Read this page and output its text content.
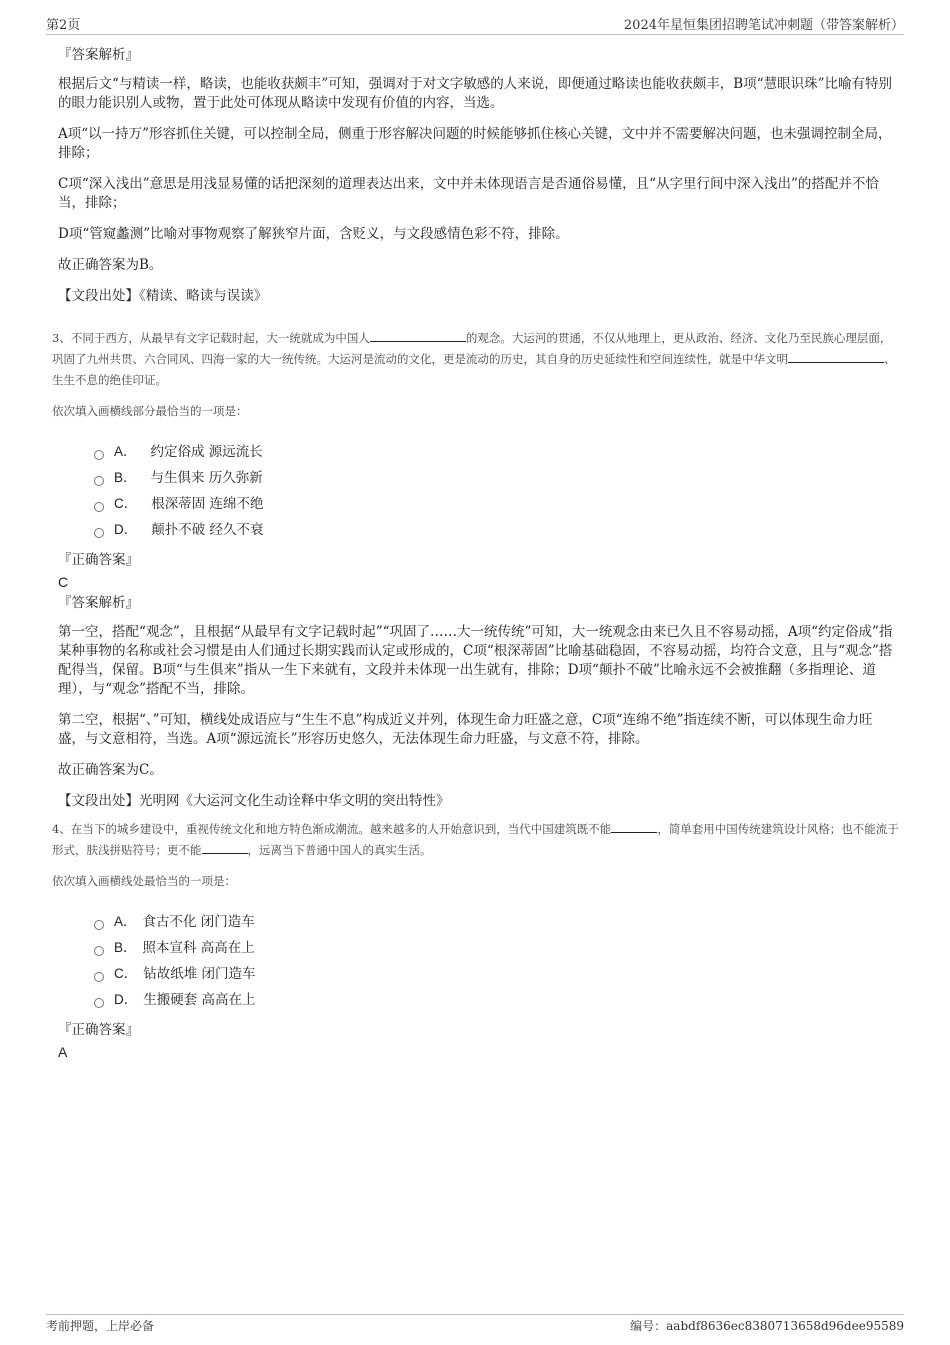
第2页	2024年星恒集团招聘笔试冲刺题（带答案解析）
『答案解析』

根据后文“与精读一样，略读，也能收获颇丰”可知，强调对于对文字敏感的人来说，即便通过略读也能收获颇丰，B项“慧眼识珠”比喻有特别的眼力能识别人或物，置于此处可体现从略读中发现有价值的内容，当选。

A项“以一持万”形容抓住关键，可以控制全局，侧重于形容解决问题的时候能够抓住核心关键，文中并不需要解决问题，也未强调控制全局，排除；

C项“深入浅出”意思是用浅显易懂的话把深刻的道理表达出来，文中并未体现语言是否通俗易懂，且“从字里行间中深入浅出”的搭配并不恰当，排除；

D项“管窥蠡测”比喻对事物观察了解狭窄片面，含贬义，与文段感情色彩不符，排除。

故正确答案为B。

【文段出处】《精读、略读与误读》

3、不同于西方，从最早有文字记载时起，大一统就成为中国人	的观念。大运河的贯通，不仅从地理上，更从政治、经济、文化乃至民族心理层面，巩固了九州共贯、六合同风、四海一家的大一统传统。大运河是流动的文化，更是流动的历史，其自身的历史延续性和空间连续性，就是中华文明	、生生不息的绝佳印证。

依次填入画横线部分最恰当的一项是：

A． 约定俗成 源远流长
B． 与生俱来 历久弥新
C． 根深蒂固 连绵不绝
D． 颠扑不破 经久不衰
『正确答案』
C
『答案解析』

第一空，搭配“观念”，且根据“从最早有文字记载时起”“巩固了……大一统传统”可知，大一统观念由来已久且不容易动摇，A项“约定俗成”指某种事物的名称或社会习惯是由人们通过长期实践而认定或形成的，C项“根深蒂固”比喻基础稳固，不容易动摇，均符合文意，且与“观念”搭配得当，保留。B项“与生俱来”指从一生下来就有，文段并未体现一出生就有，排除；D项“颠扑不破”比喻永远不会被推翻（多指理论、道理），与“观念”搭配不当，排除。

第二空，根据“、”可知，横线处成语应与“生生不息”构成近义并列，体现生命力旺盛之意，C项“连绵不绝”指连续不断，可以体现生命力旺盛，与文意相符，当选。A项“源远流长”形容历史悠久，无法体现生命力旺盛，与文意不符，排除。

故正确答案为C。

【文段出处】光明网《大运河文化生动诠释中华文明的突出特性》

4、在当下的城乡建设中，重视传统文化和地方特色渐成潮流。越来越多的人开始意识到，当代中国建筑既不能	，简单套用中国传统建筑设计风格；也不能流于形式，肤浅拼贴符号；更不能	，远离当下普通中国人的真实生活。

依次填入画横线处最恰当的一项是：

A． 食古不化 闭门造车
B． 照本宣科 高高在上
C． 钻故纸堆 闭门造车
D． 生搬硬套 高高在上
『正确答案』
A
考前押题，上岸必备	编号：aabdf8636ec8380713658d96dee95589
